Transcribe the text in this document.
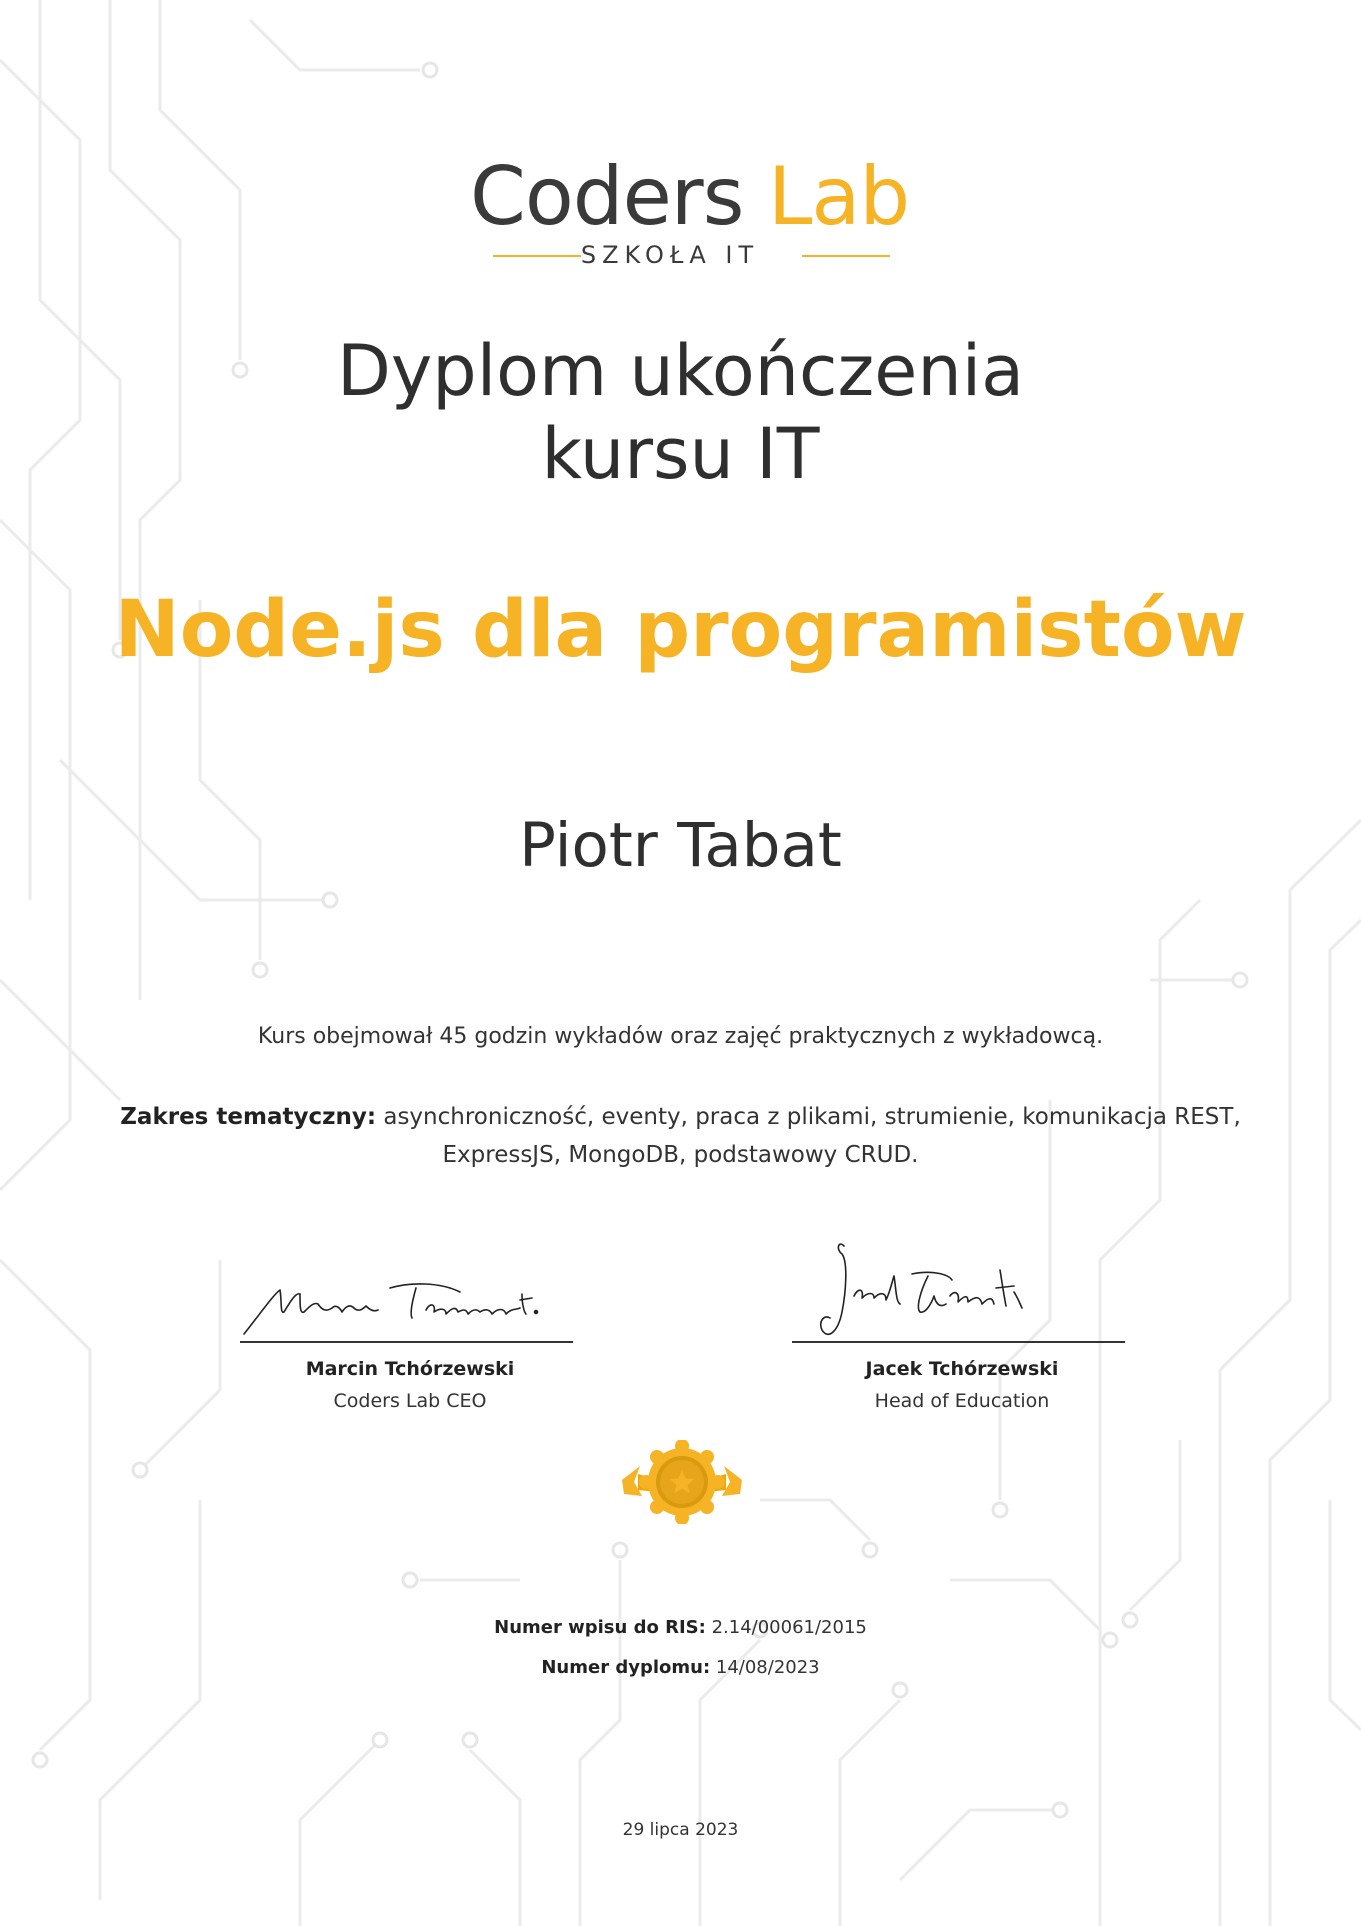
Coders Lab
SZKOŁA IT
Dyplom ukończenia
kursu IT
Node.js dla programistów
Piotr Tabat
Kurs obejmował 45 godzin wykładów oraz zajęć praktycznych z wykładowcą.
Zakres tematyczny: asynchroniczność, eventy, praca z plikami, strumienie, komunikacja REST,
ExpressJS, MongoDB, podstawowy CRUD.
Marcin Tchórzewski
Coders Lab CEO
Jacek Tchórzewski
Head of Education
Numer wpisu do RIS: 2.14/00061/2015
Numer dyplomu: 14/08/2023
29 lipca 2023
